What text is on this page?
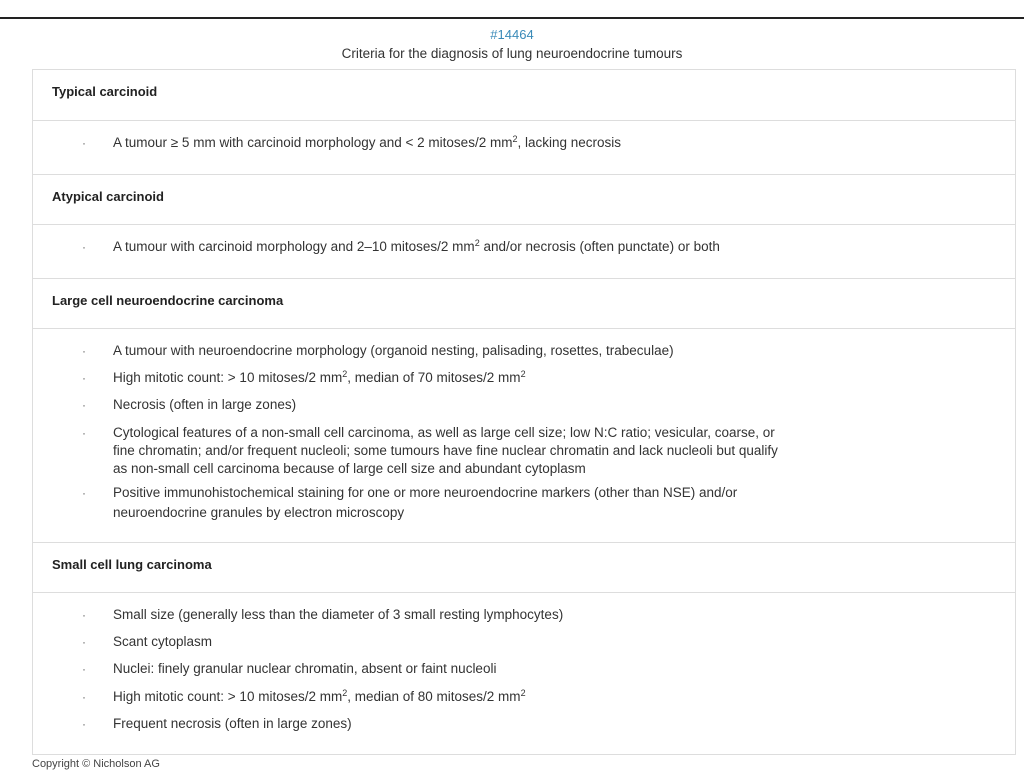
#14464
Criteria for the diagnosis of lung neuroendocrine tumours
Typical carcinoid
· A tumour ≥ 5 mm with carcinoid morphology and < 2 mitoses/2 $mm^2$, lacking necrosis
Atypical carcinoid
· A tumour with carcinoid morphology and 2–10 mitoses/2 $mm^2$ and/or necrosis (often punctate) or both
Large cell neuroendocrine carcinoma
· A tumour with neuroendocrine morphology (organoid nesting, palisading, rosettes, trabeculae)
· High mitotic count: > 10 mitoses/2 $mm^2$, median of 70 mitoses/2 $mm^2$
· Necrosis (often in large zones)
· Cytological features of a non-small cell carcinoma, as well as large cell size; low N:C ratio; vesicular, coarse, or
fine chromatin; and/or frequent nucleoli; some tumours have fine nuclear chromatin and lack nucleoli but qualify
as non-small cell carcinoma because of large cell size and abundant cytoplasm
· Positive immunohistochemical staining for one or more neuroendocrine markers (other than NSE) and/or
neuroendocrine granules by electron microscopy
Small cell lung carcinoma
· Small size (generally less than the diameter of 3 small resting lymphocytes)
· Scant cytoplasm
· Nuclei: finely granular nuclear chromatin, absent or faint nucleoli
· High mitotic count: > 10 mitoses/2 $mm^2$, median of 80 mitoses/2 $mm^2$
· Frequent necrosis (often in large zones)
Copyright © Nicholson AG
